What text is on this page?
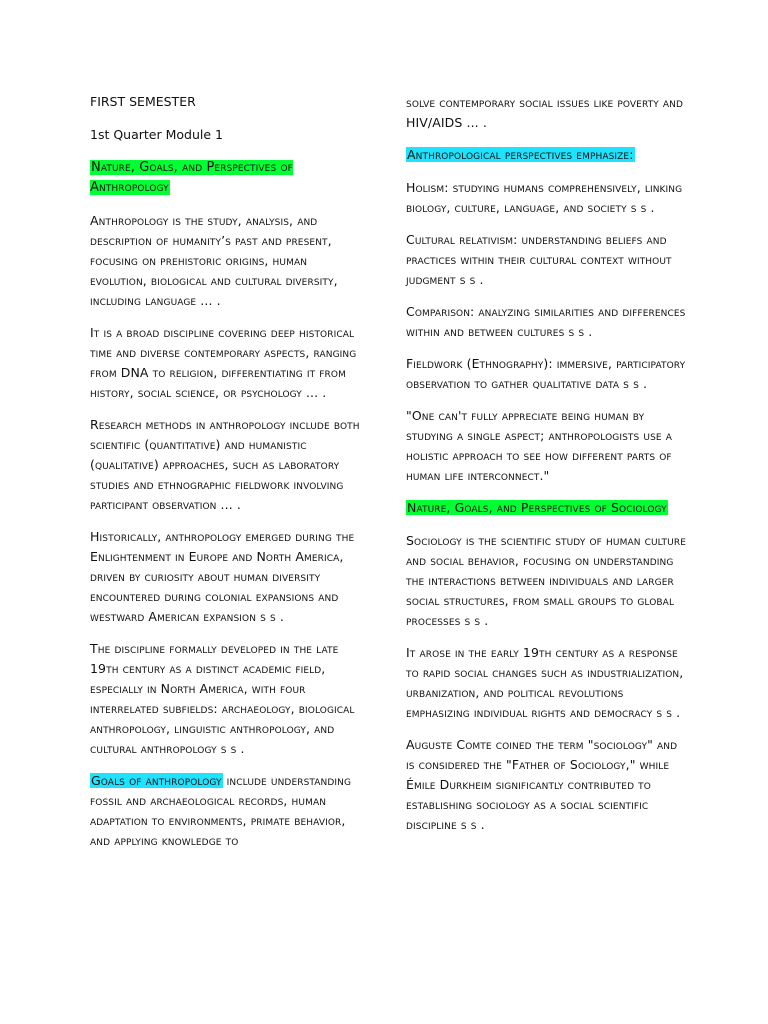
FIRST SEMESTER

1st Quarter Module 1

Nature, Goals, and Perspectives of Anthropology

Anthropology is the study, analysis, and description of humanity’s past and present, focusing on prehistoric origins, human evolution, biological and cultural diversity, including language ... .

It is a broad discipline covering deep historical time and diverse contemporary aspects, ranging from DNA to religion, differentiating it from history, social science, or psychology ... .

Research methods in anthropology include both scientific (quantitative) and humanistic (qualitative) approaches, such as laboratory studies and ethnographic fieldwork involving participant observation ... .

Historically, anthropology emerged during the Enlightenment in Europe and North America, driven by curiosity about human diversity encountered during colonial expansions and westward American expansion s s .

The discipline formally developed in the late 19th century as a distinct academic field, especially in North America, with four interrelated subfields: archaeology, biological anthropology, linguistic anthropology, and cultural anthropology s s .

Goals of anthropology include understanding fossil and archaeological records, human adaptation to environments, primate behavior, and applying knowledge to

solve contemporary social issues like poverty and HIV/AIDS ... .

Anthropological perspectives emphasize:

Holism: studying humans comprehensively, linking biology, culture, language, and society s s .

Cultural relativism: understanding beliefs and practices within their cultural context without judgment s s .

Comparison: analyzing similarities and differences within and between cultures s s .

Fieldwork (Ethnography): immersive, participatory observation to gather qualitative data s s .

"One can't fully appreciate being human by studying a single aspect; anthropologists use a holistic approach to see how different parts of human life interconnect."

Nature, Goals, and Perspectives of Sociology

Sociology is the scientific study of human culture and social behavior, focusing on understanding the interactions between individuals and larger social structures, from small groups to global processes s s .

It arose in the early 19th century as a response to rapid social changes such as industrialization, urbanization, and political revolutions emphasizing individual rights and democracy s s .

Auguste Comte coined the term "sociology" and is considered the "Father of Sociology," while Émile Durkheim significantly contributed to establishing sociology as a social scientific discipline s s .
